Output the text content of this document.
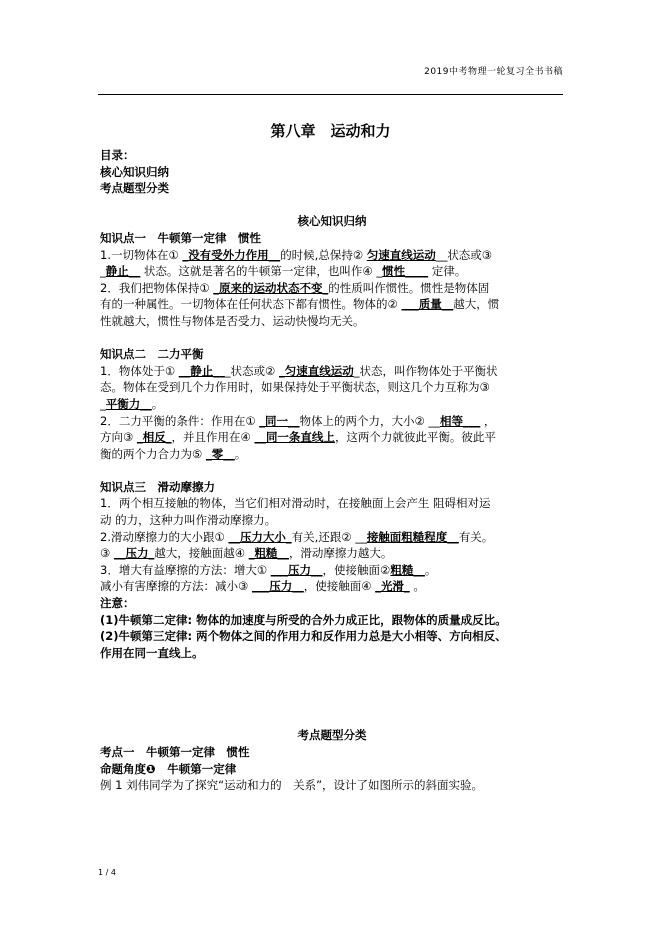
2019中考物理一轮复习全书书稿
第八章　运动和力
目录：
核心知识归纳
考点题型分类
核心知识归纳
知识点一　牛顿第一定律　惯性
1.一切物体在① _没有受外力作用__的时候,总保持② 匀速直线运动__状态或③
_静止__ 状态。这就是著名的牛顿第一定律，也叫作④ _惯性____ 定律。
2．我们把物体保持① _原来的运动状态不变_的性质叫作惯性。惯性是物体固
有的一种属性。一切物体在任何状态下都有惯性。物体的② ___质量__越大，惯
性就越大，惯性与物体是否受力、运动快慢均无关。
知识点二　二力平衡
1．物体处于① __静止___状态或② _匀速直线运动_状态，叫作物体处于平衡状
态。物体在受到几个力作用时，如果保持处于平衡状态，则这几个力互称为③
_平衡力__。
2．二力平衡的条件：作用在① _同一__物体上的两个力，大小② __相等___ ，
方向③ _相反_，并且作用在④ __同一条直线上，这两个力就彼此平衡。彼此平
衡的两个力合力为⑤ _零__。
知识点三　滑动摩擦力
1．两个相互接触的物体，当它们相对滑动时，在接触面上会产生 阻碍相对运
动 的力，这种力叫作滑动摩擦力。
2.滑动摩擦力的大小跟① __压力大小_有关,还跟② __接触面粗糙程度__有关。
③ __压力_越大，接触面越④ _粗糙__，滑动摩擦力越大。
3．增大有益摩擦的方法：增大① ___压力__，使接触面②粗糙__。
减小有害摩擦的方法：减小③ ___压力__，使接触面④ _光滑_ 。
注意：
(1)牛顿第二定律: 物体的加速度与所受的合外力成正比，跟物体的质量成反比。
(2)牛顿第三定律: 两个物体之间的作用力和反作用力总是大小相等、方向相反、
作用在同一直线上。
考点题型分类
考点一　牛顿第一定律　惯性
命题角度❶　牛顿第一定律
例 1 刘伟同学为了探究“运动和力的　关系”，设计了如图所示的斜面实验。
1 / 4
